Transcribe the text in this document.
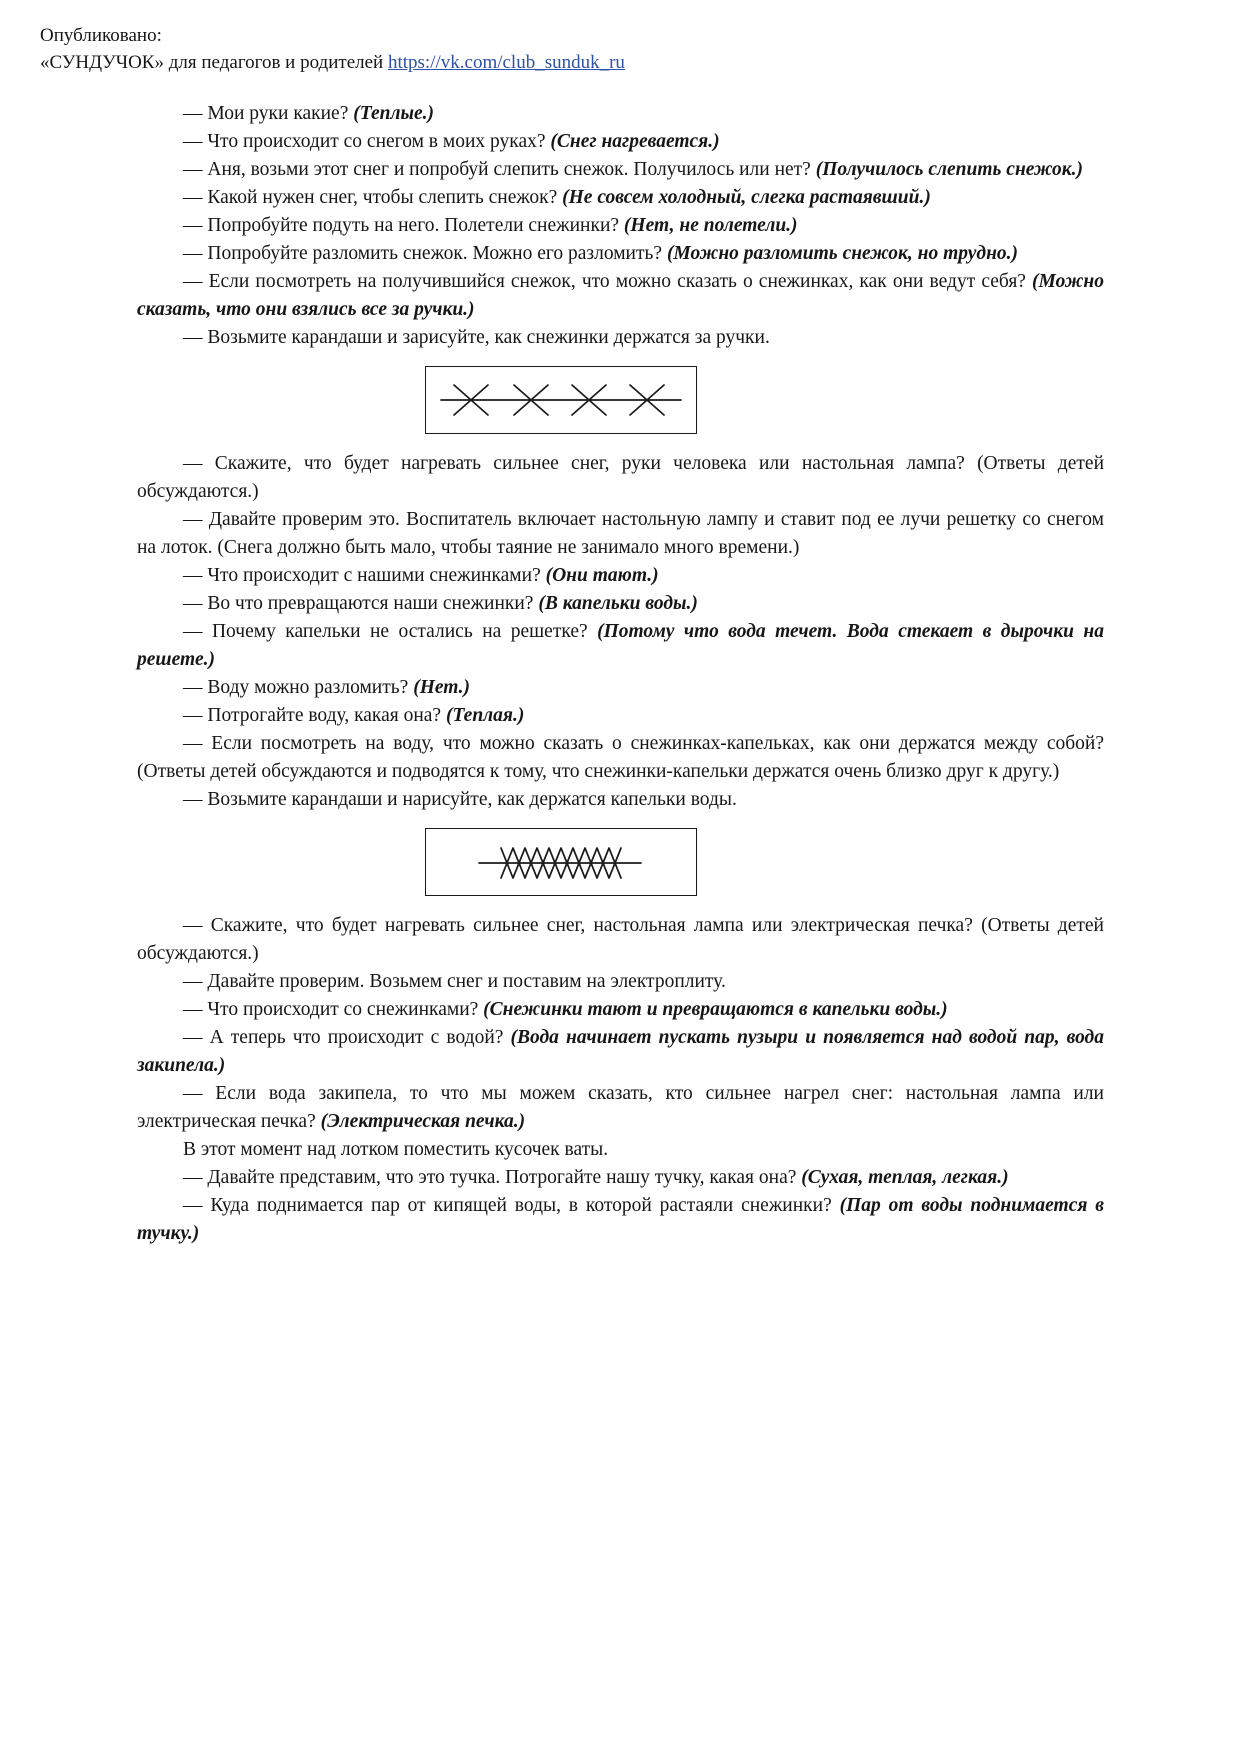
Опубликовано:
«СУНДУЧОК» для педагогов и родителей https://vk.com/club_sunduk_ru

— Мои руки какие? (Теплые.)

— Что происходит со снегом в моих руках? (Снег нагревается.)

— Аня, возьми этот снег и попробуй слепить снежок. Получилось или нет? (Получилось слепить снежок.)

— Какой нужен снег, чтобы слепить снежок? (Не совсем холодный, слегка растаявший.)

— Попробуйте подуть на него. Полетели снежинки? (Нет, не полетели.)

— Попробуйте разломить снежок. Можно его разломить? (Можно разломить снежок, но трудно.)

— Если посмотреть на получившийся снежок, что можно сказать о снежинках, как они ведут себя? (Можно сказать, что они взялись все за ручки.)

— Возьмите карандаши и зарисуйте, как снежинки держатся за ручки.

— Скажите, что будет нагревать сильнее снег, руки человека или настольная лампа? (Ответы детей обсуждаются.)

— Давайте проверим это. Воспитатель включает настольную лампу и ставит под ее лучи решетку со снегом на лоток. (Снега должно быть мало, чтобы таяние не занимало много времени.)

— Что происходит с нашими снежинками? (Они тают.)

— Во что превращаются наши снежинки? (В капельки воды.)

— Почему капельки не остались на решетке? (Потому что вода течет. Вода стекает в дырочки на решете.)

— Воду можно разломить? (Нет.)

— Потрогайте воду, какая она? (Теплая.)

— Если посмотреть на воду, что можно сказать о снежинках-капельках, как они держатся между собой? (Ответы детей обсуждаются и подводятся к тому, что снежинки-капельки держатся очень близко друг к другу.)

— Возьмите карандаши и нарисуйте, как держатся капельки воды.

— Скажите, что будет нагревать сильнее снег, настольная лампа или электрическая печка? (Ответы детей обсуждаются.)

— Давайте проверим. Возьмем снег и поставим на электроплиту.

— Что происходит со снежинками? (Снежинки тают и превращаются в капельки воды.)

— А теперь что происходит с водой? (Вода начинает пускать пузыри и появляется над водой пар, вода закипела.)

— Если вода закипела, то что мы можем сказать, кто сильнее нагрел снег: настольная лампа или электрическая печка? (Электрическая печка.)

В этот момент над лотком поместить кусочек ваты.

— Давайте представим, что это тучка. Потрогайте нашу тучку, какая она? (Сухая, теплая, легкая.)

— Куда поднимается пар от кипящей воды, в которой растаяли снежинки? (Пар от воды поднимается в тучку.)
